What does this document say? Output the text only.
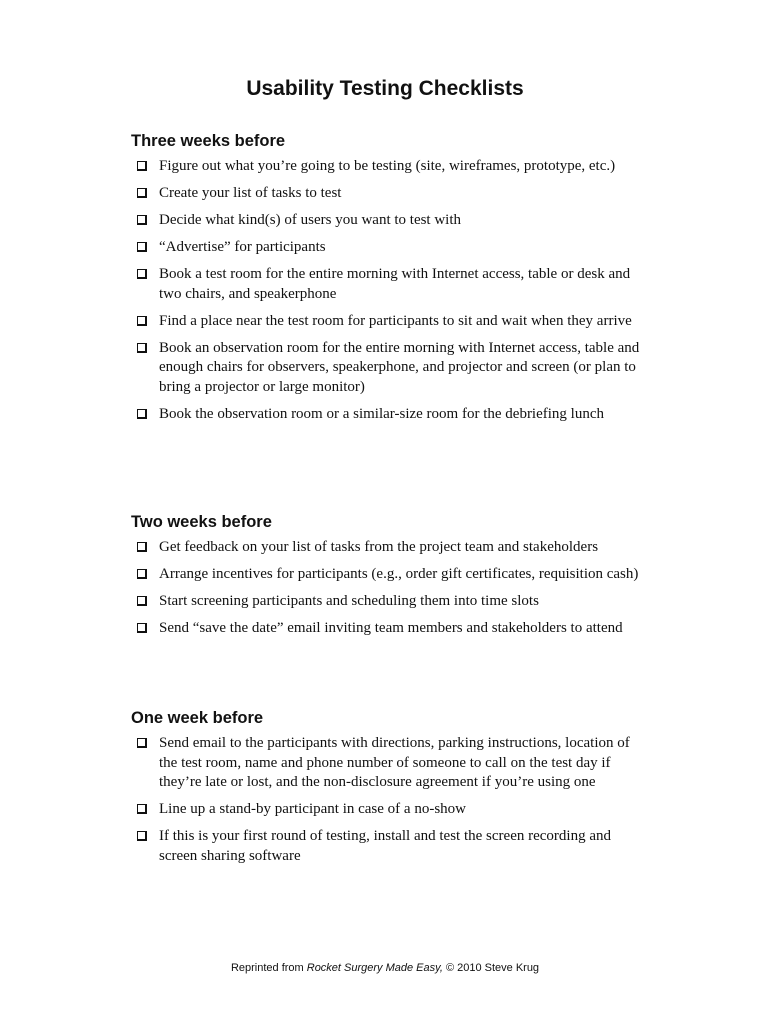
Usability Testing Checklists
Three weeks before
Figure out what you’re going to be testing (site, wireframes, prototype, etc.)
Create your list of tasks to test
Decide what kind(s) of users you want to test with
“Advertise” for participants
Book a test room for the entire morning with Internet access, table or desk and two chairs, and speakerphone
Find a place near the test room for participants to sit and wait when they arrive
Book an observation room for the entire morning with Internet access, table and enough chairs for observers, speakerphone, and projector and screen (or plan to bring a projector or large monitor)
Book the observation room or a similar-size room for the debriefing lunch
Two weeks before
Get feedback on your list of tasks from the project team and stakeholders
Arrange incentives for participants (e.g., order gift certificates, requisition cash)
Start screening participants and scheduling them into time slots
Send “save the date” email inviting team members and stakeholders to attend
One week before
Send email to the participants with directions, parking instructions, location of the test room, name and phone number of someone to call on the test day if they’re late or lost, and the non-disclosure agreement if you’re using one
Line up a stand-by participant in case of a no-show
If this is your first round of testing, install and test the screen recording and screen sharing software
Reprinted from Rocket Surgery Made Easy, © 2010 Steve Krug
